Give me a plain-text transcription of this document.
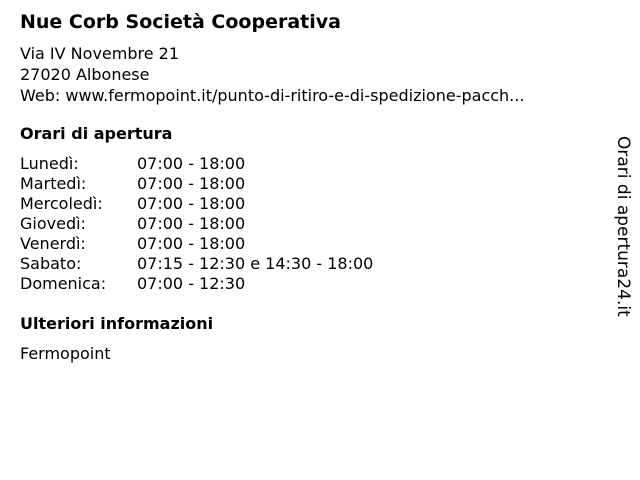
Nue Corb Società Cooperativa
Via IV Novembre 21
27020 Albonese
Web: www.fermopoint.it/punto-di-ritiro-e-di-spedizione-pacch...
Orari di apertura
Lunedì:	07:00 - 18:00
Martedì:	07:00 - 18:00
Mercoledì: 07:00 - 18:00
Giovedì:	07:00 - 18:00
Venerdì:	07:00 - 18:00
Sabato:	07:15 - 12:30 e 14:30 - 18:00
Domenica: 07:00 - 12:30
Ulteriori informazioni
Fermopoint
Orari di apertura24.it
